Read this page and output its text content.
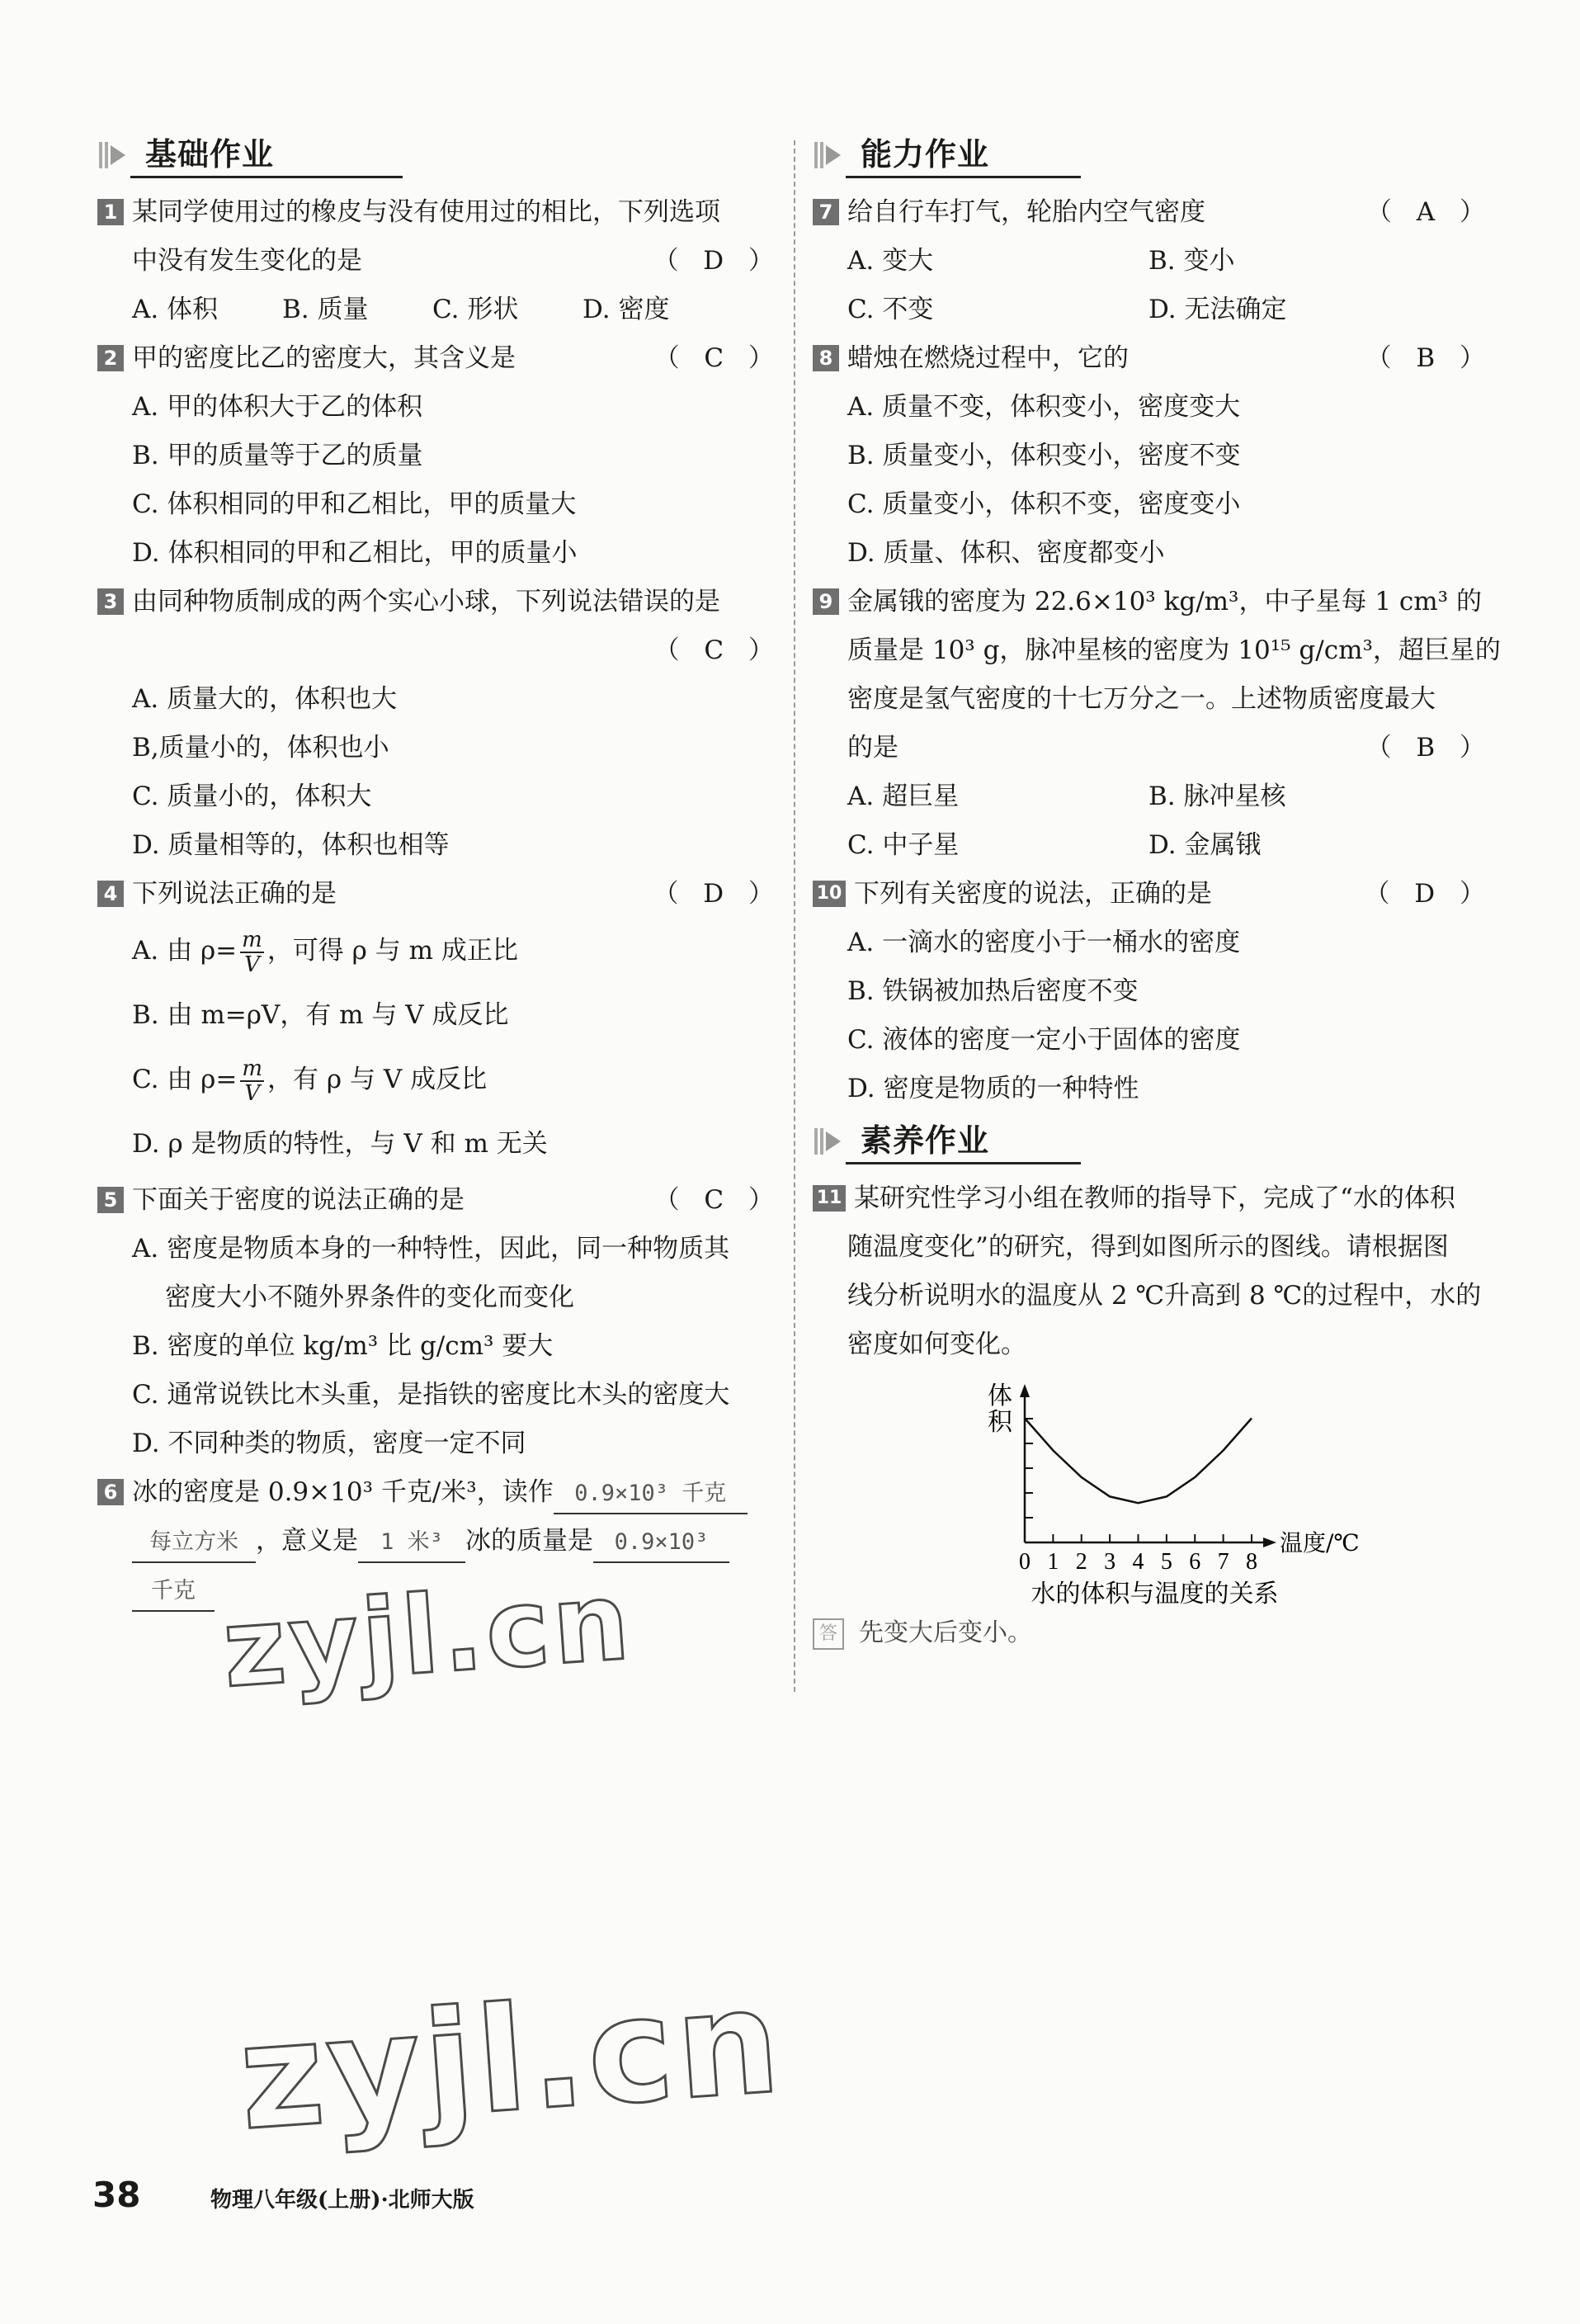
基础作业
1 某同学使用过的橡皮与没有使用过的相比，下列选项
中没有发生变化的是	（ D ）
A. 体积	B. 质量	C. 形状	D. 密度
2 甲的密度比乙的密度大，其含义是	（ C ）
A. 甲的体积大于乙的体积
B. 甲的质量等于乙的质量
C. 体积相同的甲和乙相比，甲的质量大
D. 体积相同的甲和乙相比，甲的质量小
3 由同种物质制成的两个实心小球，下列说法错误的是
（ C ）
A. 质量大的，体积也大
B,质量小的，体积也小
C. 质量小的，体积大
D. 质量相等的，体积也相等
4 下列说法正确的是	（ D ）
A. 由 $\rho= \frac{m}{V}$ ，可得 ρ 与 m 成正比
B. 由 m=ρV，有 m 与 V 成反比
C. 由 $\rho= \frac{m}{V}$ ，有 ρ 与 V 成反比
D. ρ 是物质的特性，与 V 和 m 无关
5 下面关于密度的说法正确的是	（ C ）
A. 密度是物质本身的一种特性，因此，同一种物质其
密度大小不随外界条件的变化而变化
B. 密度的单位 kg/m³ 比 g/cm³ 要大
C. 通常说铁比木头重，是指铁的密度比木头的密度大
D. 不同种类的物质，密度一定不同
6 冰的密度是 0.9×10³ 千克/米³，读作 0.9×10³ 千克
每立方米 ，意义是 1 米³ 冰的质量是 0.9×10³
千克
能力作业
7 给自行车打气，轮胎内空气密度	（ A ）
A. 变大	B. 变小
C. 不变	D. 无法确定
8 蜡烛在燃烧过程中，它的	（ B ）
A. 质量不变，体积变小，密度变大
B. 质量变小，体积变小，密度不变
C. 质量变小，体积不变，密度变小
D. 质量、体积、密度都变小
9 金属锇的密度为 22.6×10³ kg/m³，中子星每 1 cm³ 的
质量是 10³ g，脉冲星核的密度为 10¹⁵ g/cm³，超巨星的
密度是氢气密度的十七万分之一。上述物质密度最大
的是	（ B ）
A. 超巨星	B. 脉冲星核
C. 中子星	D. 金属锇
10 下列有关密度的说法，正确的是	（ D ）
A. 一滴水的密度小于一桶水的密度
B. 铁锅被加热后密度不变
C. 液体的密度一定小于固体的密度
D. 密度是物质的一种特性
素养作业
11 某研究性学习小组在教师的指导下，完成了“水的体积
随温度变化”的研究，得到如图所示的图线。请根据图
线分析说明水的温度从 2 ℃升高到 8 ℃的过程中，水的
密度如何变化。
0 1 2 3 4 5 6 7 8
体
积
温度/℃
水的体积与温度的关系
答 先变大后变小。
zyjl.cn
zyjl.cn
38	物理八年级(上册)·北师大版
